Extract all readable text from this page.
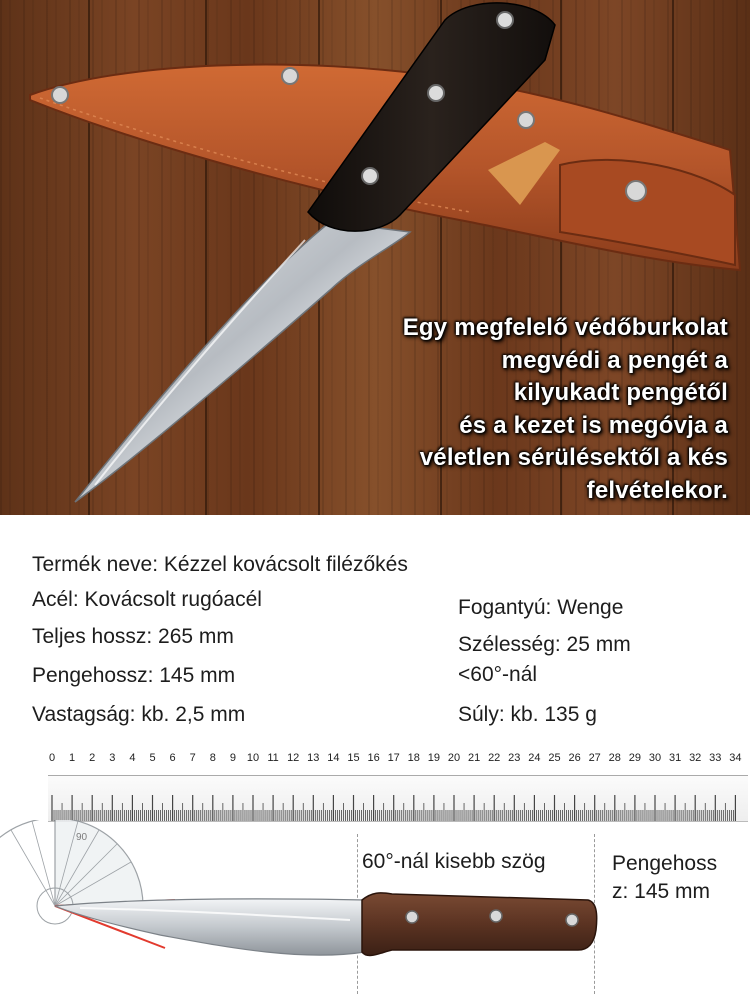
Egy megfelelő védőburkolat
megvédi a pengét a
kilyukadt pengétől
és a kezet is megóvja a
véletlen sérülésektől a kés
felvételekor.
Termék neve: Kézzel kovácsolt filézőkés
Acél: Kovácsolt rugóacél
Teljes hossz: 265 mm
Pengehossz: 145 mm
Vastagság: kb. 2,5 mm
Fogantyú: Wenge
Szélesség: 25 mm
<60°-nál
Súly: kb. 135 g
0 1 2 3 4 5 6 7 8 9 10 11 12 13 14 15 16 17 18 19 20 21 22 23 24 25 26 27 28 29 30 31 32 33 34
90
60°-nál kisebb szög	Pengehoss
z: 145 mm
